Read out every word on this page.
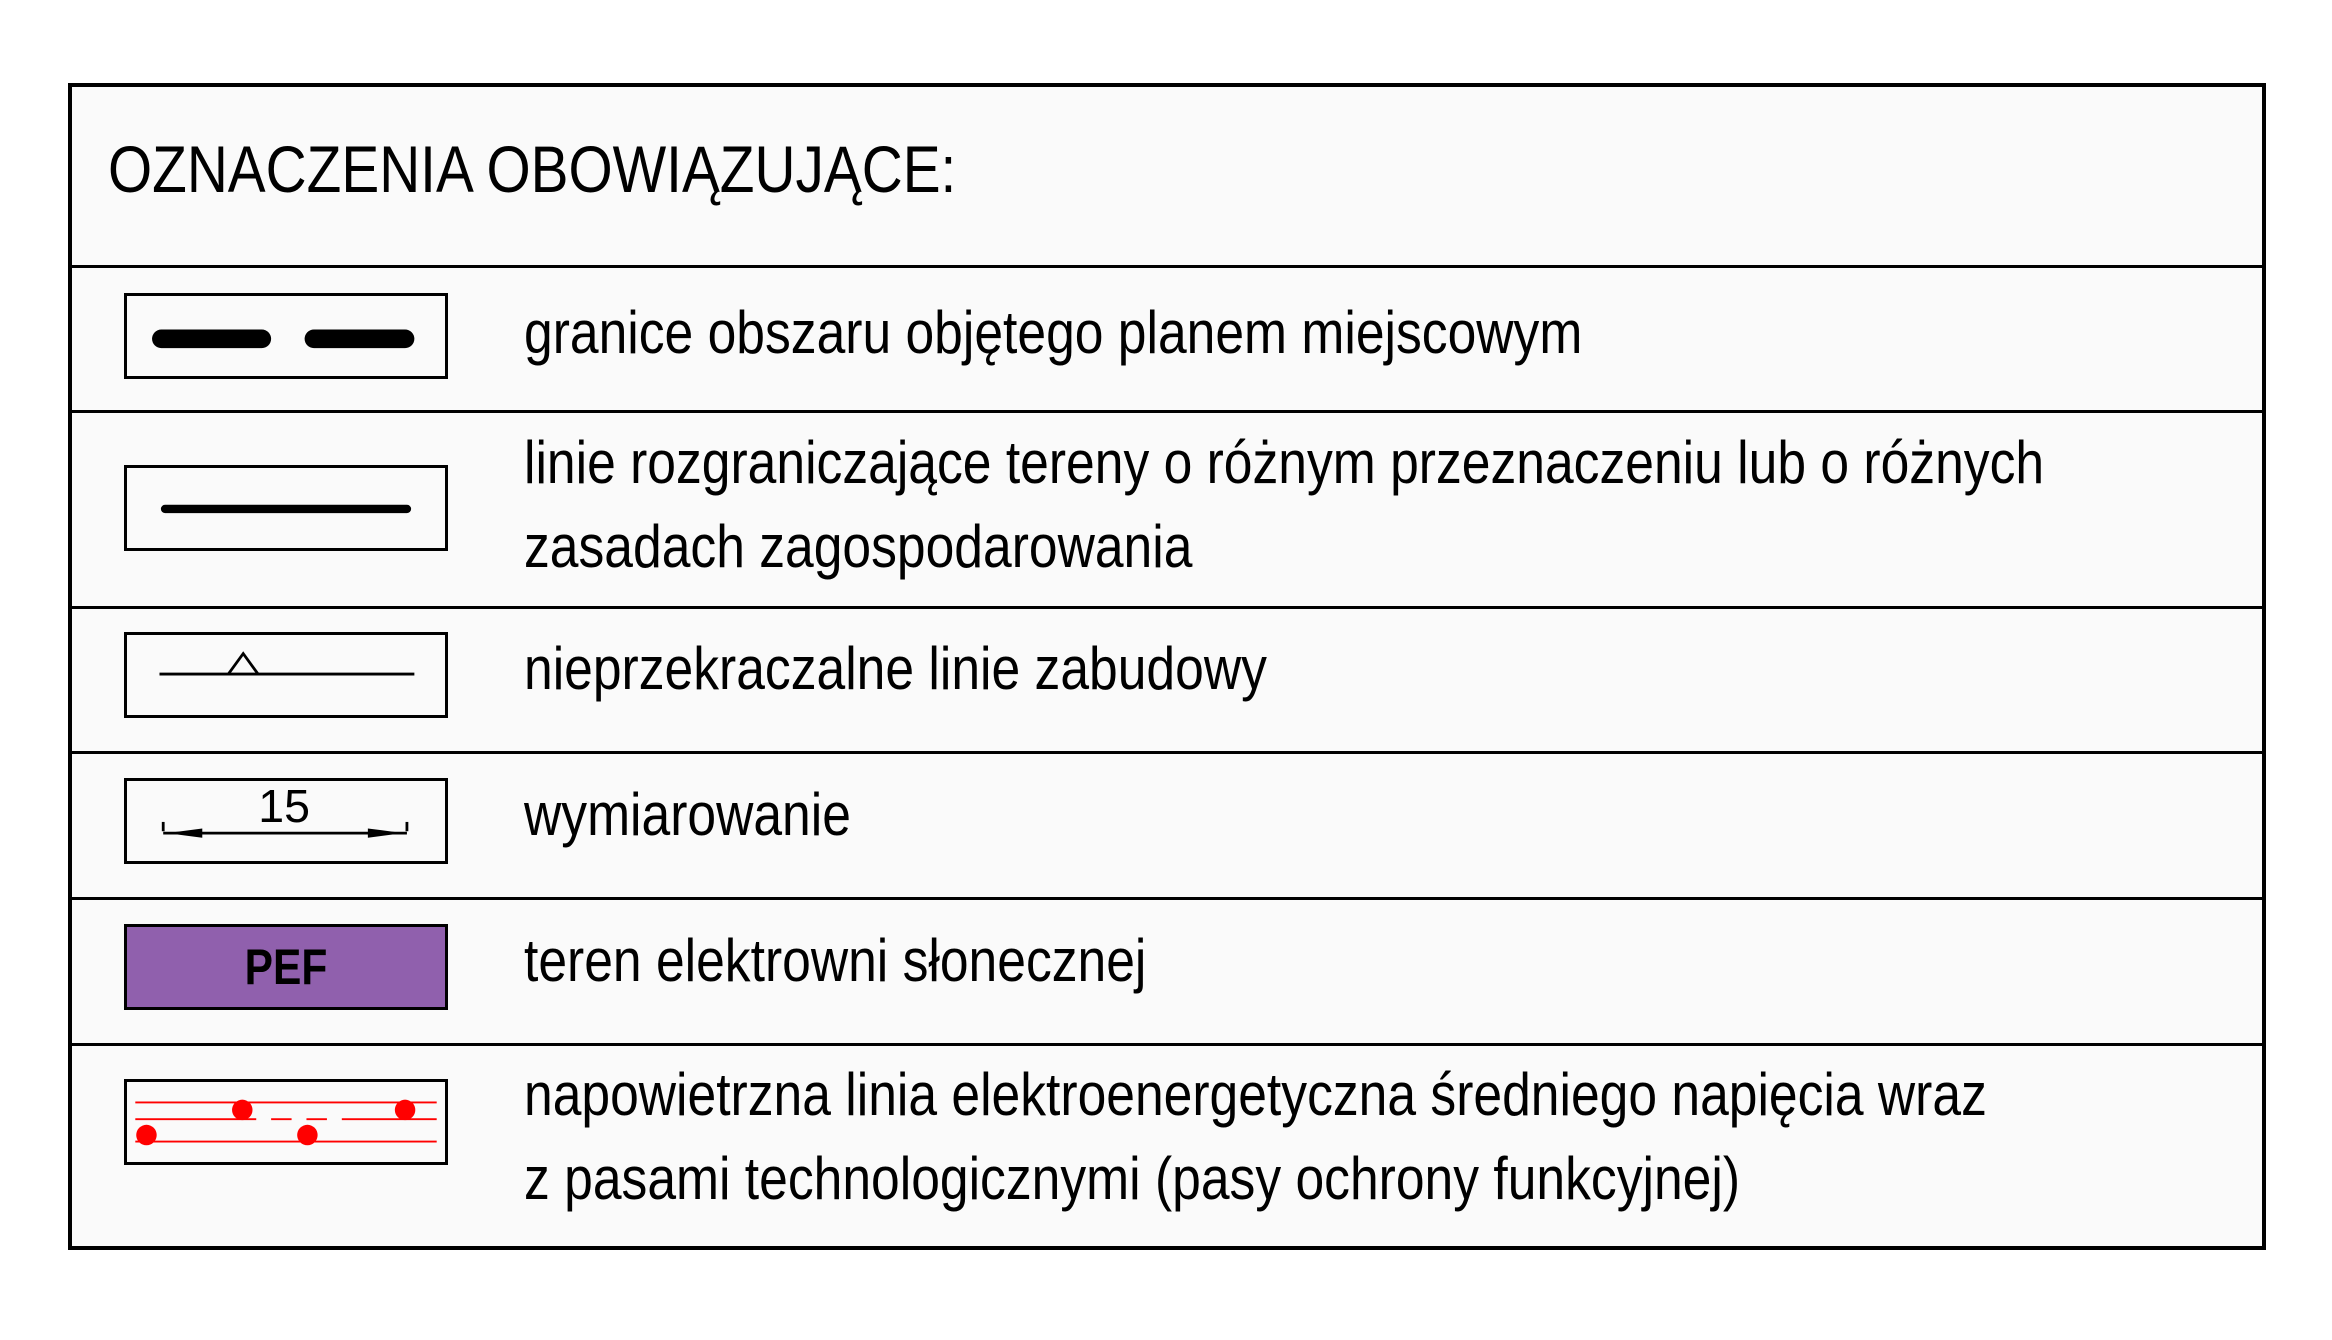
OZNACZENIA OBOWIĄZUJĄCE:
granice obszaru objętego planem miejscowym
linie rozgraniczające tereny o różnym przeznaczeniu lub o różnych
zasadach zagospodarowania
nieprzekraczalne linie zabudowy
15	wymiarowanie
PEF	teren elektrowni słonecznej
napowietrzna linia elektroenergetyczna średniego napięcia wraz
z pasami technologicznymi (pasy ochrony funkcyjnej)
